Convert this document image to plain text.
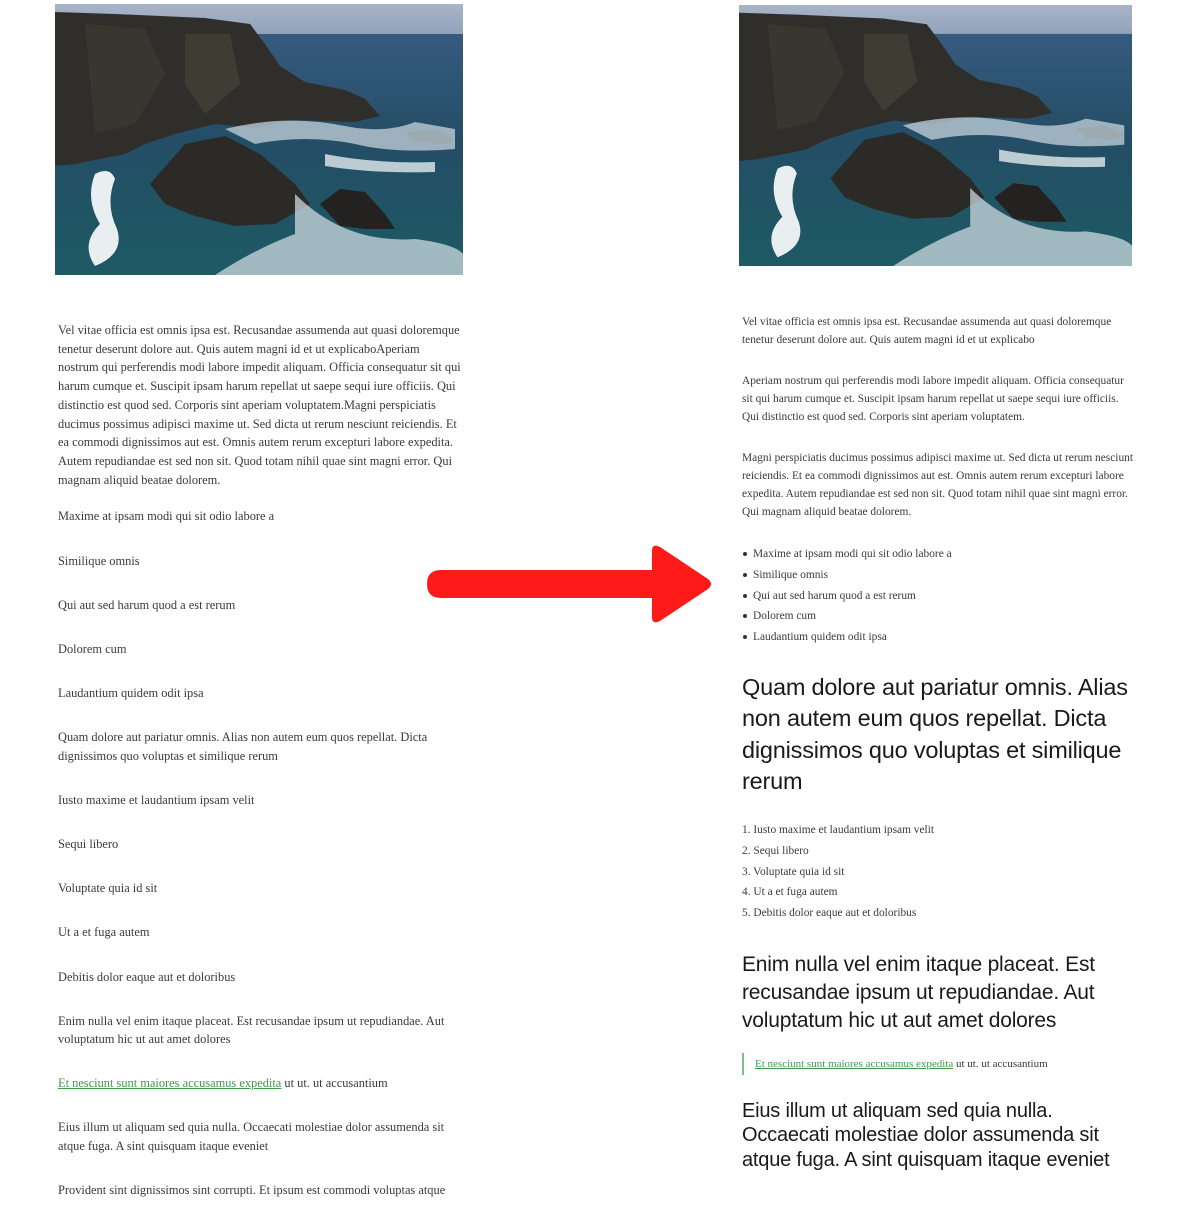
Vel vitae officia est omnis ipsa est. Recusandae assumenda aut quasi doloremque tenetur deserunt dolore aut. Quis autem magni id et ut explicaboAperiam nostrum qui perferendis modi labore impedit aliquam. Officia consequatur sit qui harum cumque et. Suscipit ipsam harum repellat ut saepe sequi iure officiis. Qui distinctio est quod sed. Corporis sint aperiam voluptatem.Magni perspiciatis ducimus possimus adipisci maxime ut. Sed dicta ut rerum nesciunt reiciendis. Et ea commodi dignissimos aut est. Omnis autem rerum excepturi labore expedita. Autem repudiandae est sed non sit. Quod totam nihil quae sint magni error. Qui magnam aliquid beatae dolorem.

Maxime at ipsam modi qui sit odio labore a

Similique omnis

Qui aut sed harum quod a est rerum

Dolorem cum

Laudantium quidem odit ipsa

Quam dolore aut pariatur omnis. Alias non autem eum quos repellat. Dicta dignissimos quo voluptas et similique rerum

Iusto maxime et laudantium ipsam velit

Sequi libero

Voluptate quia id sit

Ut a et fuga autem

Debitis dolor eaque aut et doloribus

Enim nulla vel enim itaque placeat. Est recusandae ipsum ut repudiandae. Aut voluptatum hic ut aut amet dolores

Et nesciunt sunt maiores accusamus expedita ut ut. ut accusantium

Eius illum ut aliquam sed quia nulla. Occaecati molestiae dolor assumenda sit atque fuga. A sint quisquam itaque eveniet

Provident sint dignissimos sint corrupti. Et ipsum est commodi voluptas atque

Vel vitae officia est omnis ipsa est. Recusandae assumenda aut quasi doloremque tenetur deserunt dolore aut. Quis autem magni id et ut explicabo

Aperiam nostrum qui perferendis modi labore impedit aliquam. Officia consequatur sit qui harum cumque et. Suscipit ipsam harum repellat ut saepe sequi iure officiis. Qui distinctio est quod sed. Corporis sint aperiam voluptatem.

Magni perspiciatis ducimus possimus adipisci maxime ut. Sed dicta ut rerum nesciunt reiciendis. Et ea commodi dignissimos aut est. Omnis autem rerum excepturi labore expedita. Autem repudiandae est sed non sit. Quod totam nihil quae sint magni error. Qui magnam aliquid beatae dolorem.

Maxime at ipsam modi qui sit odio labore a
Similique omnis
Qui aut sed harum quod a est rerum
Dolorem cum
Laudantium quidem odit ipsa
Quam dolore aut pariatur omnis. Alias non autem eum quos repellat. Dicta dignissimos quo voluptas et similique rerum
1. Iusto maxime et laudantium ipsam velit
2. Sequi libero
3. Voluptate quia id sit
4. Ut a et fuga autem
5. Debitis dolor eaque aut et doloribus
Enim nulla vel enim itaque placeat. Est recusandae ipsum ut repudiandae. Aut voluptatum hic ut aut amet dolores
Et nesciunt sunt maiores accusamus expedita ut ut. ut accusantium
Eius illum ut aliquam sed quia nulla. Occaecati molestiae dolor assumenda sit atque fuga. A sint quisquam itaque eveniet
